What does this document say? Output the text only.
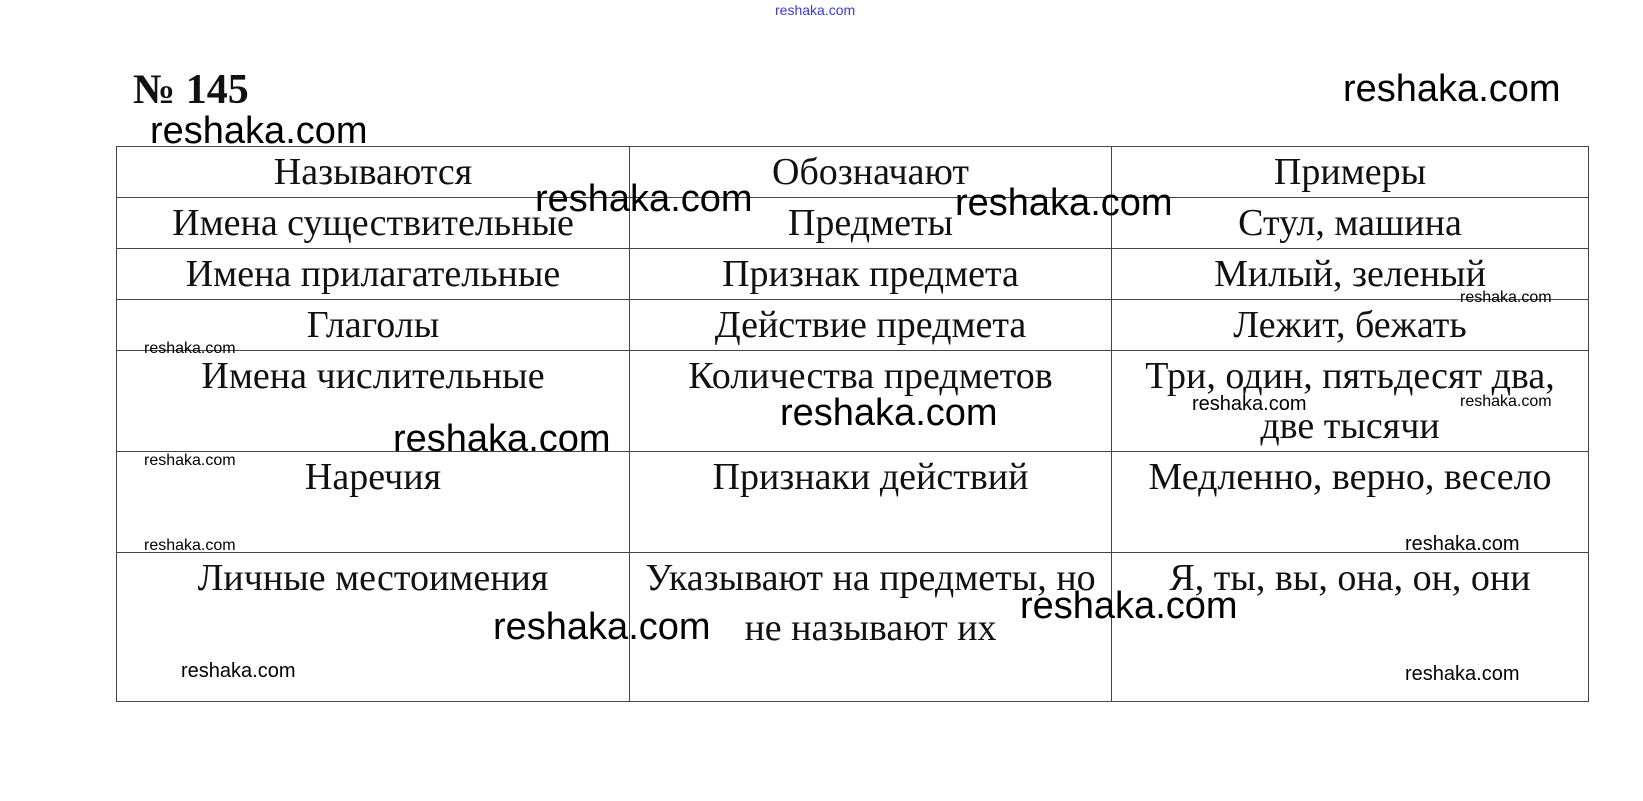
reshaka.com
№ 145
Называются	Обозначают	Примеры
Имена существительные	Предметы	Стул, машина
Имена прилагательные	Признак предмета	Милый, зеленый
Глаголы	Действие предмета	Лежит, бежать
Имена числительные	Количества предметов	Три, один, пятьдесят два, две тысячи
Наречия	Признаки действий	Медленно, верно, весело
Личные местоимения	Указывают на предметы, но не называют их	Я, ты, вы, она, он, они
reshaka.com
reshaka.com
reshaka.com	reshaka.com
reshaka.com
reshaka.com
reshaka.com	reshaka.com
reshaka.com
reshaka.com
reshaka.com
reshaka.com	reshaka.com
reshaka.com
reshaka.com
reshaka.com	reshaka.com
